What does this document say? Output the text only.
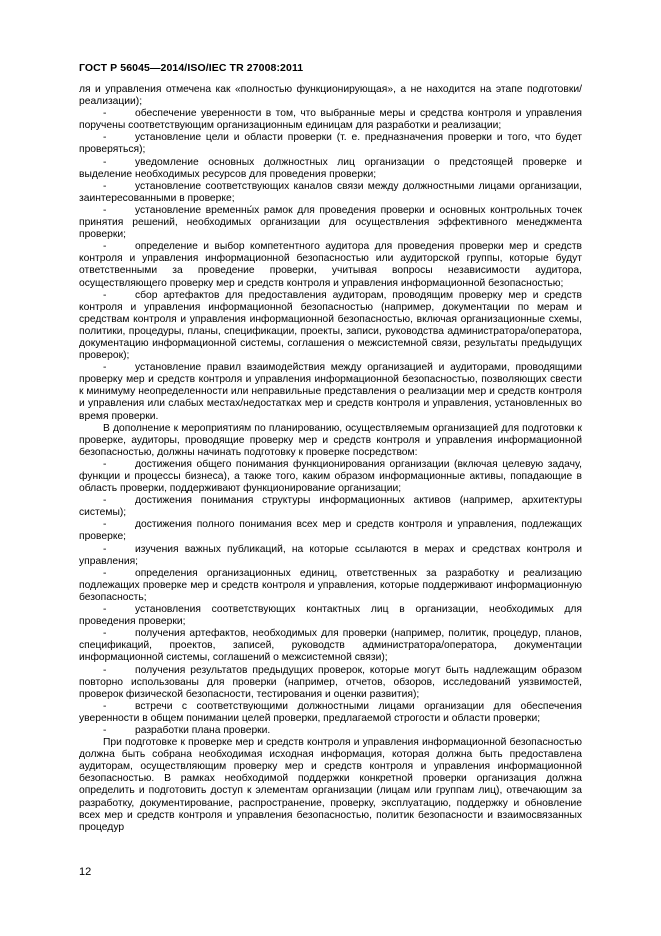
ГОСТ Р 56045—2014/ISO/IEC TR 27008:2011

ля и управления отмечена как «полностью функционирующая», а не находится на этапе подготовки/реализации);

-	обеспечение уверенности в том, что выбранные меры и средства контроля и управления поручены соответствующим организационным единицам для разработки и реализации;

-	установление цели и области проверки (т. е. предназначения проверки и того, что будет проверяться);

-	уведомление основных должностных лиц организации о предстоящей проверке и выделение необходимых ресурсов для проведения проверки;

-	установление соответствующих каналов связи между должностными лицами организации, заинтересованными в проверке;

-	установление временны́х рамок для проведения проверки и основных контрольных точек принятия решений, необходимых организации для осуществления эффективного менеджмента проверки;

-	определение и выбор компетентного аудитора для проведения проверки мер и средств контроля и управления информационной безопасностью или аудиторской группы, которые будут ответственными за проведение проверки, учитывая вопросы независимости аудитора, осуществляющего проверку мер и средств контроля и управления информационной безопасностью;

-	сбор артефактов для предоставления аудиторам, проводящим проверку мер и средств контроля и управления информационной безопасностью (например, документации по мерам и средствам контроля и управления информационной безопасностью, включая организационные схемы, политики, процедуры, планы, спецификации, проекты, записи, руководства администратора/оператора, документацию информационной системы, соглашения о межсистемной связи, результаты предыдущих проверок);

-	установление правил взаимодействия между организацией и аудиторами, проводящими проверку мер и средств контроля и управления информационной безопасностью, позволяющих свести к минимуму неопределенности или неправильные представления о реализации мер и средств контроля и управления или слабых местах/недостатках мер и средств контроля и управления, установленных во время проверки.

В дополнение к мероприятиям по планированию, осуществляемым организацией для подготовки к проверке, аудиторы, проводящие проверку мер и средств контроля и управления информационной безопасностью, должны начинать подготовку к проверке посредством:

-	достижения общего понимания функционирования организации (включая целевую задачу, функции и процессы бизнеса), а также того, каким образом информационные активы, попадающие в область проверки, поддерживают функционирование организации;

-	достижения понимания структуры информационных активов (например, архитектуры системы);

-	достижения полного понимания всех мер и средств контроля и управления, подлежащих проверке;

-	изучения важных публикаций, на которые ссылаются в мерах и средствах контроля и управления;

-	определения организационных единиц, ответственных за разработку и реализацию подлежащих проверке мер и средств контроля и управления, которые поддерживают информационную безопасность;

-	установления соответствующих контактных лиц в организации, необходимых для проведения проверки;

-	получения артефактов, необходимых для проверки (например, политик, процедур, планов, спецификаций, проектов, записей, руководств администратора/оператора, документации информационной системы, соглашений о межсистемной связи);

-	получения результатов предыдущих проверок, которые могут быть надлежащим образом повторно использованы для проверки (например, отчетов, обзоров, исследований уязвимостей, проверок физической безопасности, тестирования и оценки развития);

-	встречи с соответствующими должностными лицами организации для обеспечения уверенности в общем понимании целей проверки, предлагаемой строгости и области проверки;

-	разработки плана проверки.

При подготовке к проверке мер и средств контроля и управления информационной безопасностью должна быть собрана необходимая исходная информация, которая должна быть предоставлена аудиторам, осуществляющим проверку мер и средств контроля и управления информационной безопасностью. В рамках необходимой поддержки конкретной проверки организация должна определить и подготовить доступ к элементам организации (лицам или группам лиц), отвечающим за разработку, документирование, распространение, проверку, эксплуатацию, поддержку и обновление всех мер и средств контроля и управления безопасностью, политик безопасности и взаимосвязанных процедур

12
